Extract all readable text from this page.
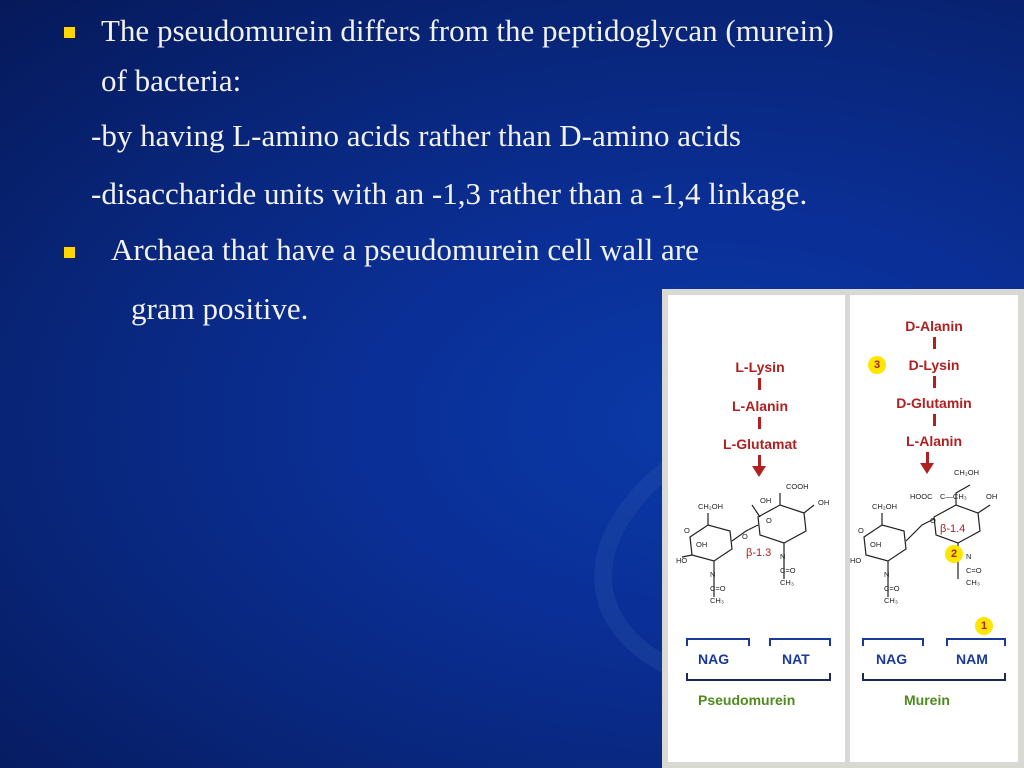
The pseudomurein differs from the peptidoglycan (murein)
of bacteria:
-by having L-amino acids rather than D-amino acids
-disaccharide units with an -1,3 rather than a -1,4 linkage.
Archaea that have a pseudomurein cell wall are
gram positive.
L-Lysin
L-Alanin
L-Glutamat
COOH
CH₂OH
O
OH
HO
OH	OH
O
O
N
C=O
CH₃
N
C=O
CH₃
β-1.3
NAG	NAT
Pseudomurein
D-Alanin
3	D-Lysin
D-Glutamin
L-Alanin
CH₂OH
HOOC C—CH₃
CH₂OH
O
OH
HO
OH
O
N
C=O
CH₃
N
C=O
CH₃
β-1.4
2
1
NAG	NAM
Murein
